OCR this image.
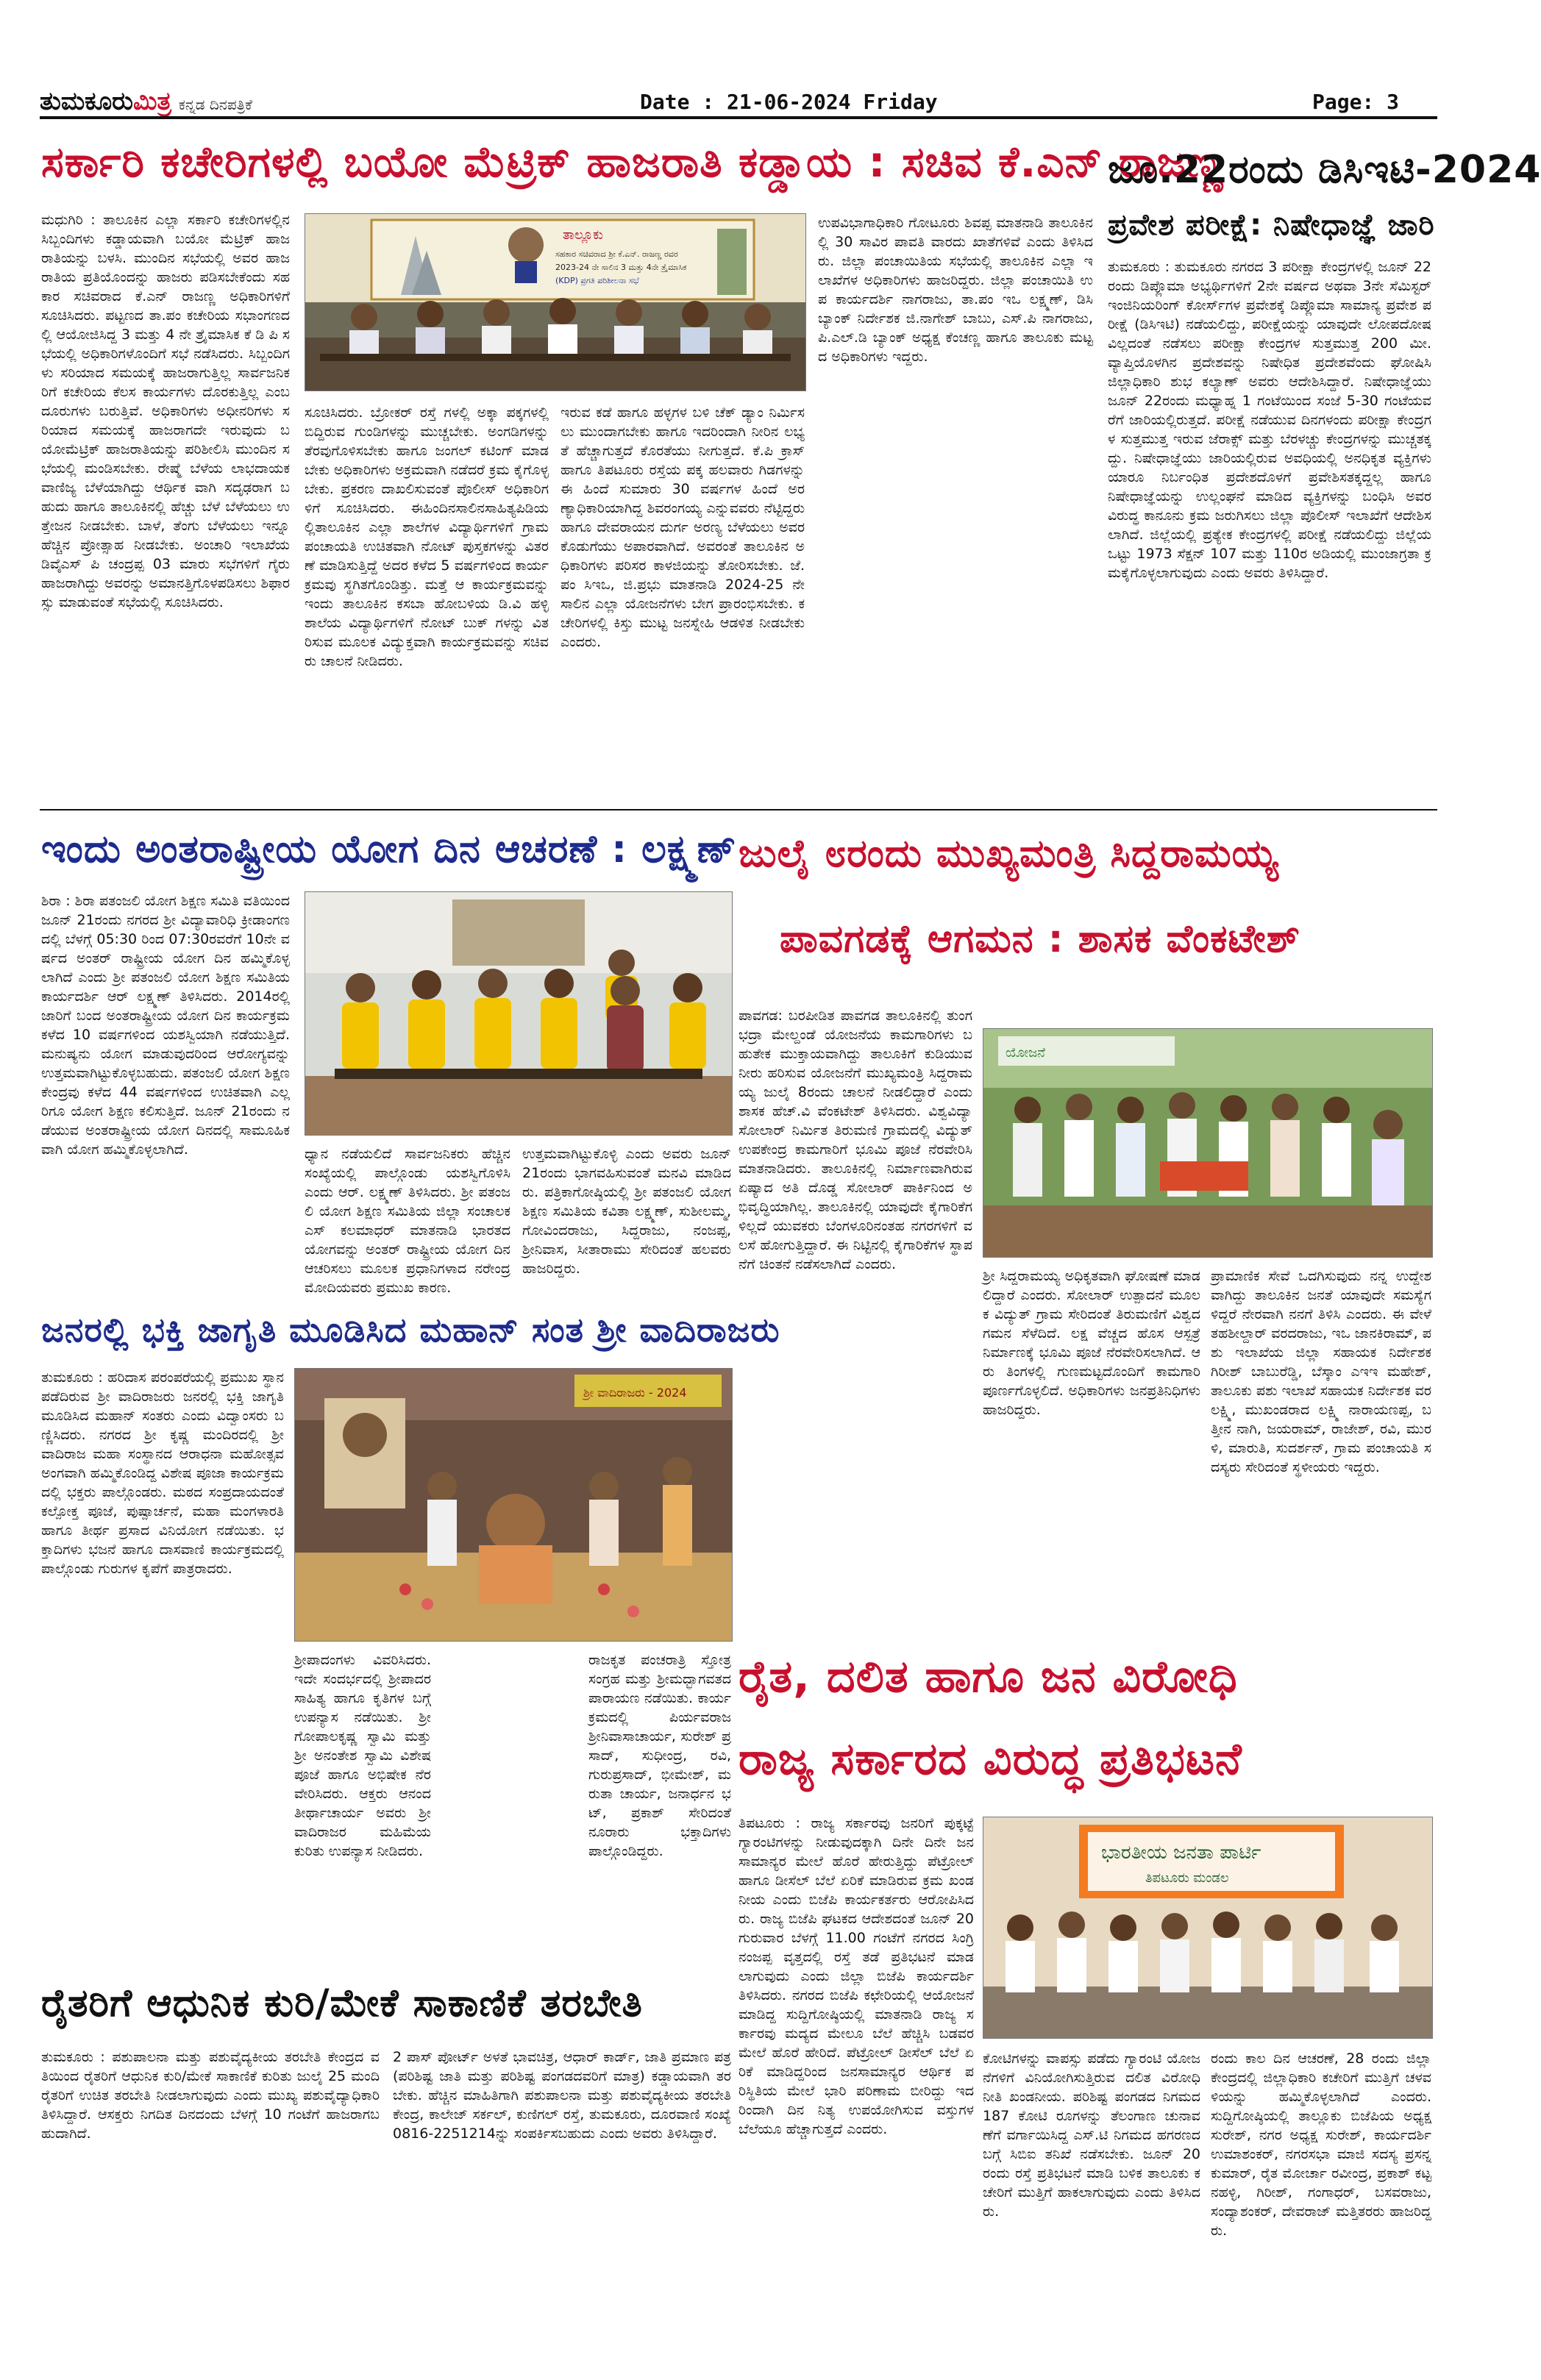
ತುಮಕೂರುಮಿತ್ರ ಕನ್ನಡ ದಿನಪತ್ರಿಕೆ	Date : 21-06-2024 Friday	Page: 3
ಸರ್ಕಾರಿ ಕಚೇರಿಗಳಲ್ಲಿ ಬಯೋ ಮೆಟ್ರಿಕ್ ಹಾಜರಾತಿ ಕಡ್ಡಾಯ : ಸಚಿವ ಕೆ.ಎನ್ ರಾಜಣ್ಣ
ಮಧುಗಿರಿ : ತಾಲೂಕಿನ ಎಲ್ಲಾ ಸರ್ಕಾರಿ ಕಚೇರಿಗಳಲ್ಲಿನ ಸಿಬ್ಬಂದಿಗಳು ಕಡ್ಡಾಯವಾಗಿ ಬಯೋ ಮೆಟ್ರಿಕ್ ಹಾಜರಾತಿಯನ್ನು ಬಳಸಿ. ಮುಂದಿನ ಸಭೆಯಲ್ಲಿ ಅವರ ಹಾಜರಾತಿಯ ಪ್ರತಿಯೊಂದನ್ನು ಹಾಜರು ಪಡಿಸಬೇಕೆಂದು ಸಹಕಾರ ಸಚಿವರಾದ ಕೆ.ಎನ್ ರಾಜಣ್ಣ ಅಧಿಕಾರಿಗಳಿಗೆ ಸೂಚಿಸಿದರು. ಪಟ್ಟಣದ ತಾ.ಪಂ ಕಚೇರಿಯ ಸಭಾಂಗಣದಲ್ಲಿ ಆಯೋಜಿಸಿದ್ದ 3 ಮತ್ತು 4 ನೇ ತ್ರೈಮಾಸಿಕ ಕೆ ಡಿ ಪಿ ಸಭೆಯಲ್ಲಿ ಅಧಿಕಾರಿಗಳೊಂದಿಗೆ ಸಭೆ ನಡೆಸಿದರು. ಸಿಬ್ಬಂದಿಗಳು ಸರಿಯಾದ ಸಮಯಕ್ಕೆ ಹಾಜರಾಗುತ್ತಿಲ್ಲ ಸಾರ್ವಜನಿಕರಿಗೆ ಕಚೇರಿಯ ಕೆಲಸ ಕಾರ್ಯಗಳು ದೊರಕುತ್ತಿಲ್ಲ ಎಂಬ ದೂರುಗಳು ಬರುತ್ತಿವೆ. ಅಧಿಕಾರಿಗಳು ಅಧೀನರಿಗಳು ಸರಿಯಾದ ಸಮಯಕ್ಕೆ ಹಾಜರಾಗದೇ ಇರುವುದು ಬಯೋಮೆಟ್ರಿಕ್ ಹಾಜರಾತಿಯನ್ನು ಪರಿಶೀಲಿಸಿ ಮುಂದಿನ ಸಭೆಯಲ್ಲಿ ಮಂಡಿಸಬೇಕು. ರೇಷ್ಮೆ ಬೆಳೆಯ ಲಾಭದಾಯಕ ವಾಣಿಜ್ಯ ಬೆಳೆಯಾಗಿದ್ದು ಆರ್ಥಿಕ ವಾಗಿ ಸದೃಢರಾಗ ಬಹುದು ಹಾಗೂ ತಾಲೂಕಿನಲ್ಲಿ ಹೆಚ್ಚು ಬೆಳೆ ಬೆಳೆಯಲು ಉತ್ತೇಜನ ನೀಡಬೇಕು. ಬಾಳೆ, ತೆಂಗು ಬೆಳೆಯಲು ಇನ್ನೂ ಹೆಚ್ಚಿನ ಪ್ರೋತ್ಸಾಹ ನೀಡಬೇಕು. ಅಂಚಾರಿ ಇಲಾಖೆಯ ಡಿವೈಎಸ್ ಪಿ ಚಂದ್ರಪ್ಪ 03 ಮಾರು ಸಭೆಗಳಿಗೆ ಗೈರು ಹಾಜರಾಗಿದ್ದು ಅವರನ್ನು ಅಮಾನತ್ತಿಗೊಳಪಡಿಸಲು ಶಿಫಾರಸ್ಸು ಮಾಡುವಂತೆ ಸಭೆಯಲ್ಲಿ ಸೂಚಿಸಿದರು.
ತಾಲ್ಲೂಕು
ಸಹಕಾರ ಸಚಿವರಾದ ಶ್ರೀ ಕೆ.ಎನ್. ರಾಜಣ್ಣ ರವರ
2023-24 ನೇ ಸಾಲಿನ 3 ಮತ್ತು 4ನೇ ತ್ರೈಮಾಸಿಕ
(KDP) ಪ್ರಗತಿ ಪರಿಶೀಲನಾ ಸಭೆ
ಸೂಚಿಸಿದರು. ಬ್ರೋಕರ್ ರಸ್ತೆ ಗಳಲ್ಲಿ ಅಕ್ಕಾ ಪಕ್ಕಗಳಲ್ಲಿ ಬಿದ್ದಿರುವ ಗುಂಡಿಗಳನ್ನು ಮುಚ್ಚಬೇಕು. ಅಂಗಡಿಗಳನ್ನು ತೆರವುಗೊಳಿಸಬೇಕು ಹಾಗೂ ಜಂಗಲ್ ಕಟಿಂಗ್ ಮಾಡಬೇಕು ಅಧಿಕಾರಿಗಳು ಅಕ್ರಮವಾಗಿ ನಡೆದರೆ ಕ್ರಮ ಕೈಗೊಳ್ಳಬೇಕು. ಪ್ರಕರಣ ದಾಖಲಿಸುವಂತೆ ಪೊಲೀಸ್ ಅಧಿಕಾರಿಗಳಿಗೆ ಸೂಚಿಸಿದರು. ಈಹಿಂದಿನಸಾಲಿನಸಾಹಿತ್ಯಪಿಡಿಯಲ್ಲಿತಾಲೂಕಿನ ಎಲ್ಲಾ ಶಾಲೆಗಳ ವಿದ್ಯಾರ್ಥಿಗಳಿಗೆ ಗ್ರಾಮ ಪಂಚಾಯತಿ ಉಚಿತವಾಗಿ ನೋಟ್ ಪುಸ್ತಕಗಳನ್ನು ವಿತರಣೆ ಮಾಡಿಸುತ್ತಿದ್ದೆ ಅದರ ಕಳೆದ 5 ವರ್ಷಗಳಿಂದ ಕಾರ್ಯಕ್ರಮವು ಸ್ಥಗಿತಗೊಂಡಿತ್ತು. ಮತ್ತೆ ಆ ಕಾರ್ಯಕ್ರಮವನ್ನು ಇಂದು ತಾಲೂಕಿನ ಕಸಬಾ ಹೋಬಳಿಯ ಡಿ.ವಿ ಹಳ್ಳಿ ಶಾಲೆಯ ವಿದ್ಯಾರ್ಥಿಗಳಿಗೆ ನೋಟ್ ಬುಕ್ ಗಳನ್ನು ವಿತರಿಸುವ ಮೂಲಕ ವಿದ್ಯುಕ್ತವಾಗಿ ಕಾರ್ಯಕ್ರಮವನ್ನು ಸಚಿವರು ಚಾಲನೆ ನೀಡಿದರು.
ಇರುವ ಕಡೆ ಹಾಗೂ ಹಳ್ಳಗಳ ಬಳಿ ಚೆಕ್ ಡ್ಯಾಂ ನಿರ್ಮಿಸಲು ಮುಂದಾಗಬೇಕು ಹಾಗೂ ಇದರಿಂದಾಗಿ ನೀರಿನ ಲಭ್ಯತೆ ಹೆಚ್ಚಾಗುತ್ತದೆ ಕೊರತೆಯು ನೀಗುತ್ತದೆ. ಕೆ.ಪಿ ಕ್ರಾಸ್ ಹಾಗೂ ತಿಪಟೂರು ರಸ್ತೆಯ ಪಕ್ಕ ಹಲವಾರು ಗಿಡಗಳನ್ನು ಈ ಹಿಂದೆ ಸುಮಾರು 30 ವರ್ಷಗಳ ಹಿಂದೆ ಅರಣ್ಯಾಧಿಕಾರಿಯಾಗಿದ್ದ ಶಿವರಂಗಯ್ಯ ಎನ್ನುವವರು ನೆಟ್ಟಿದ್ದರು ಹಾಗೂ ದೇವರಾಯನ ದುರ್ಗ ಅರಣ್ಯ ಬೆಳೆಯಲು ಅವರ ಕೊಡುಗೆಯು ಅಪಾರವಾಗಿದೆ. ಅವರಂತೆ ತಾಲೂಕಿನ ಅಧಿಕಾರಿಗಳು ಪರಿಸರ ಕಾಳಜಿಯನ್ನು ತೋರಿಸಬೇಕು. ಜೆ.ಪಂ ಸಿಇಒ, ಜಿ.ಪ್ರಭು ಮಾತನಾಡಿ 2024-25 ನೇ ಸಾಲಿನ ಎಲ್ಲಾ ಯೋಜನೆಗಳು ಬೇಗ ಪ್ರಾರಂಭಿಸಬೇಕು. ಕಚೇರಿಗಳಲ್ಲಿ ಕಿಸ್ತು ಮುಟ್ಟ ಜನಸ್ನೇಹಿ ಆಡಳಿತ ನೀಡಬೇಕು ಎಂದರು.
ಉಪವಿಭಾಗಾಧಿಕಾರಿ ಗೋಟೂರು ಶಿವಪ್ಪ ಮಾತನಾಡಿ ತಾಲೂಕಿನಲ್ಲಿ 30 ಸಾವಿರ ಪಾವತಿ ವಾರದು ಖಾತೆಗಳಿವೆ ಎಂದು ತಿಳಿಸಿದರು. ಜಿಲ್ಲಾ ಪಂಚಾಯಿತಿಯ ಸಭೆಯಲ್ಲಿ ತಾಲೂಕಿನ ಎಲ್ಲಾ ಇಲಾಖೆಗಳ ಅಧಿಕಾರಿಗಳು ಹಾಜರಿದ್ದರು. ಜಿಲ್ಲಾ ಪಂಚಾಯಿತಿ ಉಪ ಕಾರ್ಯದರ್ಶಿ ನಾಗರಾಜು, ತಾ.ಪಂ ಇಒ ಲಕ್ಷ್ಮಣ್, ಡಿಸಿ ಬ್ಯಾಂಕ್ ನಿರ್ದೇಶಕ ಜಿ.ನಾಗೇಶ್ ಬಾಬು, ಎಸ್.ಪಿ ನಾಗರಾಜು, ಪಿ.ಎಲ್.ಡಿ ಬ್ಯಾಂಕ್ ಅಧ್ಯಕ್ಷ ಕೆಂಚಣ್ಣ ಹಾಗೂ ತಾಲೂಕು ಮಟ್ಟದ ಅಧಿಕಾರಿಗಳು ಇದ್ದರು.
ಜೂ.22ರಂದು ಡಿಸಿಇಟಿ-2024
ಪ್ರವೇಶ ಪರೀಕ್ಷೆ: ನಿಷೇಧಾಜ್ಞೆ ಜಾರಿ
ತುಮಕೂರು : ತುಮಕೂರು ನಗರದ 3 ಪರೀಕ್ಷಾ ಕೇಂದ್ರಗಳಲ್ಲಿ ಜೂನ್ 22ರಂದು ಡಿಪ್ಲೊಮಾ ಅಭ್ಯರ್ಥಿಗಳಿಗೆ 2ನೇ ವರ್ಷದ ಅಥವಾ 3ನೇ ಸೆಮಿಸ್ಟರ್ ಇಂಜಿನಿಯರಿಂಗ್ ಕೋರ್ಸ್‌ಗಳ ಪ್ರವೇಶಕ್ಕೆ ಡಿಪ್ಲೊಮಾ ಸಾಮಾನ್ಯ ಪ್ರವೇಶ ಪರೀಕ್ಷೆ (ಡಿಸಿಇಟಿ) ನಡೆಯಲಿದ್ದು, ಪರೀಕ್ಷೆಯನ್ನು ಯಾವುದೇ ಲೋಪದೋಷವಿಲ್ಲದಂತೆ ನಡೆಸಲು ಪರೀಕ್ಷಾ ಕೇಂದ್ರಗಳ ಸುತ್ತಮುತ್ತ 200 ಮೀ. ವ್ಯಾಪ್ತಿಯೊಳಗಿನ ಪ್ರದೇಶವನ್ನು ನಿಷೇಧಿತ ಪ್ರದೇಶವೆಂದು ಘೋಷಿಸಿ ಜಿಲ್ಲಾಧಿಕಾರಿ ಶುಭ ಕಲ್ಯಾಣ್ ಅವರು ಆದೇಶಿಸಿದ್ದಾರೆ. ನಿಷೇಧಾಜ್ಞೆಯು ಜೂನ್ 22ರಂದು ಮಧ್ಯಾಹ್ನ 1 ಗಂಟೆಯಿಂದ ಸಂಜೆ 5-30 ಗಂಟೆಯವರೆಗೆ ಜಾರಿಯಲ್ಲಿರುತ್ತದೆ. ಪರೀಕ್ಷೆ ನಡೆಯುವ ದಿನಗಳಂದು ಪರೀಕ್ಷಾ ಕೇಂದ್ರಗಳ ಸುತ್ತಮುತ್ತ ಇರುವ ಜೆರಾಕ್ಸ್ ಮತ್ತು ಬೆರಳಚ್ಚು ಕೇಂದ್ರಗಳನ್ನು ಮುಚ್ಚತಕ್ಕದ್ದು. ನಿಷೇಧಾಜ್ಞೆಯು ಜಾರಿಯಲ್ಲಿರುವ ಅವಧಿಯಲ್ಲಿ ಅನಧಿಕೃತ ವ್ಯಕ್ತಿಗಳು ಯಾರೂ ನಿರ್ಬಂಧಿತ ಪ್ರದೇಶದೊಳಗೆ ಪ್ರವೇಶಿಸತಕ್ಕದ್ದಲ್ಲ ಹಾಗೂ ನಿಷೇಧಾಜ್ಞೆಯನ್ನು ಉಲ್ಲಂಘನೆ ಮಾಡಿದ ವ್ಯಕ್ತಿಗಳನ್ನು ಬಂಧಿಸಿ ಅವರ ವಿರುದ್ಧ ಕಾನೂನು ಕ್ರಮ ಜರುಗಿಸಲು ಜಿಲ್ಲಾ ಪೊಲೀಸ್ ಇಲಾಖೆಗೆ ಆದೇಶಿಸಲಾಗಿದೆ. ಜಿಲ್ಲೆಯಲ್ಲಿ ಪ್ರತ್ಯೇಕ ಕೇಂದ್ರಗಳಲ್ಲಿ ಪರೀಕ್ಷೆ ನಡೆಯಲಿದ್ದು ಜಿಲ್ಲೆಯ ಒಟ್ಟು 1973 ಸೆಕ್ಷನ್ 107 ಮತ್ತು 110ರ ಅಡಿಯಲ್ಲಿ ಮುಂಜಾಗ್ರತಾ ಕ್ರಮಕೈಗೊಳ್ಳಲಾಗುವುದು ಎಂದು ಅವರು ತಿಳಿಸಿದ್ದಾರೆ.
ಇಂದು ಅಂತರಾಷ್ಟ್ರೀಯ ಯೋಗ ದಿನ ಆಚರಣೆ : ಲಕ್ಷ್ಮಣ್
ಶಿರಾ : ಶಿರಾ ಪತಂಜಲಿ ಯೋಗ ಶಿಕ್ಷಣ ಸಮಿತಿ ವತಿಯಿಂದ ಜೂನ್ 21ರಂದು ನಗರದ ಶ್ರೀ ವಿದ್ಯಾವಾರಿಧಿ ಕ್ರೀಡಾಂಗಣದಲ್ಲಿ ಬೆಳಗ್ಗೆ 05:30 ರಿಂದ 07:30ರವರೆಗೆ 10ನೇ ವರ್ಷದ ಅಂತರ್ ರಾಷ್ಟ್ರೀಯ ಯೋಗ ದಿನ ಹಮ್ಮಿಕೊಳ್ಳಲಾಗಿದೆ ಎಂದು ಶ್ರೀ ಪತಂಜಲಿ ಯೋಗ ಶಿಕ್ಷಣ ಸಮಿತಿಯ ಕಾರ್ಯದರ್ಶಿ ಆರ್ ಲಕ್ಷ್ಮಣ್ ತಿಳಿಸಿದರು. 2014ರಲ್ಲಿ ಜಾರಿಗೆ ಬಂದ ಅಂತರಾಷ್ಟ್ರೀಯ ಯೋಗ ದಿನ ಕಾರ್ಯಕ್ರಮ ಕಳೆದ 10 ವರ್ಷಗಳಿಂದ ಯಶಸ್ವಿಯಾಗಿ ನಡೆಯುತ್ತಿದೆ. ಮನುಷ್ಯನು ಯೋಗ ಮಾಡುವುದರಿಂದ ಆರೋಗ್ಯವನ್ನು ಉತ್ತಮವಾಗಿಟ್ಟುಕೊಳ್ಳಬಹುದು. ಪತಂಜಲಿ ಯೋಗ ಶಿಕ್ಷಣ ಕೇಂದ್ರವು ಕಳೆದ 44 ವರ್ಷಗಳಿಂದ ಉಚಿತವಾಗಿ ಎಲ್ಲರಿಗೂ ಯೋಗ ಶಿಕ್ಷಣ ಕಲಿಸುತ್ತಿದೆ. ಜೂನ್ 21ರಂದು ನಡೆಯುವ ಅಂತರಾಷ್ಟ್ರೀಯ ಯೋಗ ದಿನದಲ್ಲಿ ಸಾಮೂಹಿಕವಾಗಿ ಯೋಗ ಹಮ್ಮಿಕೊಳ್ಳಲಾಗಿದೆ.	ಧ್ಯಾನ ನಡೆಯಲಿದೆ ಸಾರ್ವಜನಿಕರು ಹೆಚ್ಚಿನ ಸಂಖ್ಯೆಯಲ್ಲಿ ಪಾಲ್ಗೊಂಡು ಯಶಸ್ವಿಗೊಳಿಸಿ ಎಂದು ಆರ್. ಲಕ್ಷ್ಮಣ್ ತಿಳಿಸಿದರು. ಶ್ರೀ ಪತಂಜಲಿ ಯೋಗ ಶಿಕ್ಷಣ ಸಮಿತಿಯ ಜಿಲ್ಲಾ ಸಂಚಾಲಕ ಎಸ್ ಕಲಮಾಧರ್ ಮಾತನಾಡಿ ಭಾರತದ ಯೋಗವನ್ನು ಅಂತರ್ ರಾಷ್ಟ್ರೀಯ ಯೋಗ ದಿನ ಆಚರಿಸಲು ಮೂಲಕ ಪ್ರಧಾನಿಗಳಾದ ನರೇಂದ್ರ ಮೋದಿಯವರು ಪ್ರಮುಖ ಕಾರಣ.
ಉತ್ತಮವಾಗಿಟ್ಟುಕೊಳ್ಳಿ ಎಂದು ಅವರು ಜೂನ್ 21ರಂದು ಭಾಗವಹಿಸುವಂತೆ ಮನವಿ ಮಾಡಿದರು. ಪತ್ರಿಕಾಗೋಷ್ಠಿಯಲ್ಲಿ ಶ್ರೀ ಪತಂಜಲಿ ಯೋಗ ಶಿಕ್ಷಣ ಸಮಿತಿಯ ಕವಿತಾ ಲಕ್ಷ್ಮಣ್, ಸುಶೀಲಮ್ಮ, ಗೋವಿಂದರಾಜು, ಸಿದ್ದರಾಜು, ನಂಜಪ್ಪ, ಶ್ರೀನಿವಾಸ, ಸೀತಾರಾಮು ಸೇರಿದಂತೆ ಹಲವರು ಹಾಜರಿದ್ದರು.
ಜುಲೈ ೮ರಂದು ಮುಖ್ಯಮಂತ್ರಿ ಸಿದ್ದರಾಮಯ್ಯ
ಪಾವಗಡಕ್ಕೆ ಆಗಮನ : ಶಾಸಕ ವೆಂಕಟೇಶ್
ಪಾವಗಡ: ಬರಪೀಡಿತ ಪಾವಗಡ ತಾಲೂಕಿನಲ್ಲಿ ತುಂಗಭದ್ರಾ ಮೇಲ್ದಂಡೆ ಯೋಜನೆಯ ಕಾಮಗಾರಿಗಳು ಬಹುತೇಕ ಮುಕ್ತಾಯವಾಗಿದ್ದು ತಾಲೂಕಿಗೆ ಕುಡಿಯುವ ನೀರು ಹರಿಸುವ ಯೋಜನೆಗೆ ಮುಖ್ಯಮಂತ್ರಿ ಸಿದ್ದರಾಮಯ್ಯ ಜುಲೈ 8ರಂದು ಚಾಲನೆ ನೀಡಲಿದ್ದಾರೆ ಎಂದು ಶಾಸಕ ಹೆಚ್.ವಿ ವೆಂಕಟೇಶ್ ತಿಳಿಸಿದರು. ವಿಶ್ವವಿದ್ಯಾ ಸೋಲಾರ್ ನಿರ್ಮಿತ ತಿರುಮಣಿ ಗ್ರಾಮದಲ್ಲಿ ವಿದ್ಯುತ್ ಉಪಕೇಂದ್ರ ಕಾಮಗಾರಿಗೆ ಭೂಮಿ ಪೂಜೆ ನೆರವೇರಿಸಿ ಮಾತನಾಡಿದರು. ತಾಲೂಕಿನಲ್ಲಿ ನಿರ್ಮಾಣವಾಗಿರುವ ಏಷ್ಯಾದ ಅತಿ ದೊಡ್ಡ ಸೋಲಾರ್ ಪಾರ್ಕಿನಿಂದ ಅಭಿವೃದ್ಧಿಯಾಗಿಲ್ಲ. ತಾಲೂಕಿನಲ್ಲಿ ಯಾವುದೇ ಕೈಗಾರಿಕೆಗಳಿಲ್ಲದೆ ಯುವಕರು ಬೆಂಗಳೂರಿನಂತಹ ನಗರಗಳಿಗೆ ವಲಸೆ ಹೋಗುತ್ತಿದ್ದಾರೆ. ಈ ನಿಟ್ಟಿನಲ್ಲಿ ಕೈಗಾರಿಕೆಗಳ ಸ್ಥಾಪನೆಗೆ ಚಿಂತನೆ ನಡೆಸಲಾಗಿದೆ ಎಂದರು.
ಯೋಜನೆ
ಶ್ರೀ ಸಿದ್ದರಾಮಯ್ಯ ಅಧಿಕೃತವಾಗಿ ಘೋಷಣೆ ಮಾಡಲಿದ್ದಾರೆ ಎಂದರು. ಸೋಲಾರ್ ಉತ್ಪಾದನೆ ಮೂಲಕ ವಿದ್ಯುತ್ ಗ್ರಾಮ ಸೇರಿದಂತೆ ತಿರುಮಣಿಗೆ ವಿಶ್ವದ ಗಮನ ಸೆಳೆದಿದೆ. ಲಕ್ಷ ವೆಚ್ಚದ ಹೊಸ ಆಸ್ಪತ್ರೆ ನಿರ್ಮಾಣಕ್ಕೆ ಭೂಮಿ ಪೂಜೆ ನೆರವೇರಿಸಲಾಗಿದೆ. ಆರು ತಿಂಗಳಲ್ಲಿ ಗುಣಮಟ್ಟದೊಂದಿಗೆ ಕಾಮಗಾರಿ ಪೂರ್ಣಗೊಳ್ಳಲಿದೆ. ಅಧಿಕಾರಿಗಳು ಜನಪ್ರತಿನಿಧಿಗಳು ಹಾಜರಿದ್ದರು.
ಪ್ರಾಮಾಣಿಕ ಸೇವೆ ಒದಗಿಸುವುದು ನನ್ನ ಉದ್ದೇಶವಾಗಿದ್ದು ತಾಲೂಕಿನ ಜನತೆ ಯಾವುದೇ ಸಮಸ್ಯೆಗಳಿದ್ದರೆ ನೇರವಾಗಿ ನನಗೆ ತಿಳಿಸಿ ಎಂದರು. ಈ ವೇಳೆ ತಹಶೀಲ್ದಾರ್ ವರದರಾಜು, ಇಒ ಜಾನಕಿರಾಮ್, ಪಶು ಇಲಾಖೆಯ ಜಿಲ್ಲಾ ಸಹಾಯಕ ನಿರ್ದೇಶಕ ಗಿರೀಶ್ ಬಾಬುರೆಡ್ಡಿ, ಬೆಸ್ಕಾಂ ಎಇಇ ಮಹೇಶ್, ತಾಲೂಕು ಪಶು ಇಲಾಖೆ ಸಹಾಯಕ ನಿರ್ದೇಶಕ ವರಲಕ್ಷ್ಮಿ, ಮುಖಂಡರಾದ ಲಕ್ಷ್ಮಿ ನಾರಾಯಣಪ್ಪ, ಬತ್ತೀನ ನಾಗಿ, ಜಯರಾಮ್, ರಾಜೇಶ್, ರವಿ, ಮುರಳಿ, ಮಾರುತಿ, ಸುದರ್ಶನ್, ಗ್ರಾಮ ಪಂಚಾಯತಿ ಸದಸ್ಯರು ಸೇರಿದಂತೆ ಸ್ಥಳೀಯರು ಇದ್ದರು.
ಜನರಲ್ಲಿ ಭಕ್ತಿ ಜಾಗೃತಿ ಮೂಡಿಸಿದ ಮಹಾನ್ ಸಂತ ಶ್ರೀ ವಾದಿರಾಜರು
ತುಮಕೂರು : ಹರಿದಾಸ ಪರಂಪರೆಯಲ್ಲಿ ಪ್ರಮುಖ ಸ್ಥಾನ ಪಡೆದಿರುವ ಶ್ರೀ ವಾದಿರಾಜರು ಜನರಲ್ಲಿ ಭಕ್ತಿ ಜಾಗೃತಿ ಮೂಡಿಸಿದ ಮಹಾನ್ ಸಂತರು ಎಂದು ವಿದ್ವಾಂಸರು ಬಣ್ಣಿಸಿದರು. ನಗರದ ಶ್ರೀ ಕೃಷ್ಣ ಮಂದಿರದಲ್ಲಿ ಶ್ರೀ ವಾದಿರಾಜ ಮಹಾ ಸಂಸ್ಥಾನದ ಆರಾಧನಾ ಮಹೋತ್ಸವ ಅಂಗವಾಗಿ ಹಮ್ಮಿಕೊಂಡಿದ್ದ ವಿಶೇಷ ಪೂಜಾ ಕಾರ್ಯಕ್ರಮದಲ್ಲಿ ಭಕ್ತರು ಪಾಲ್ಗೊಂಡರು. ಮಠದ ಸಂಪ್ರದಾಯದಂತೆ ಕಲ್ಪೋಕ್ತ ಪೂಜೆ, ಪುಷ್ಪಾರ್ಚನೆ, ಮಹಾ ಮಂಗಳಾರತಿ ಹಾಗೂ ತೀರ್ಥ ಪ್ರಸಾದ ವಿನಿಯೋಗ ನಡೆಯಿತು. ಭಕ್ತಾದಿಗಳು ಭಜನೆ ಹಾಗೂ ದಾಸವಾಣಿ ಕಾರ್ಯಕ್ರಮದಲ್ಲಿ ಪಾಲ್ಗೊಂಡು ಗುರುಗಳ ಕೃಪೆಗೆ ಪಾತ್ರರಾದರು.
ಶ್ರೀ ವಾದಿರಾಜರು - 2024
ಶ್ರೀಪಾದಂಗಳು ವಿವರಿಸಿದರು. ಇದೇ ಸಂದರ್ಭದಲ್ಲಿ ಶ್ರೀಪಾದರ ಸಾಹಿತ್ಯ ಹಾಗೂ ಕೃತಿಗಳ ಬಗ್ಗೆ ಉಪನ್ಯಾಸ ನಡೆಯಿತು. ಶ್ರೀ ಗೋಪಾಲಕೃಷ್ಣ ಸ್ವಾಮಿ ಮತ್ತು ಶ್ರೀ ಅನಂತೇಶ ಸ್ವಾಮಿ ವಿಶೇಷ ಪೂಜೆ ಹಾಗೂ ಅಭಿಷೇಕ ನೆರವೇರಿಸಿದರು. ಆಕ್ತರು ಆನಂದತೀರ್ಥಾಚಾರ್ಯ ಅವರು ಶ್ರೀ ವಾದಿರಾಜರ ಮಹಿಮೆಯ ಕುರಿತು ಉಪನ್ಯಾಸ ನೀಡಿದರು.
ರಾಜಕೃತ ಪಂಚರಾತ್ರಿ ಸ್ತೋತ್ರ ಸಂಗ್ರಹ ಮತ್ತು ಶ್ರೀಮದ್ಭಾಗವತದ ಪಾರಾಯಣ ನಡೆಯಿತು. ಕಾರ್ಯಕ್ರಮದಲ್ಲಿ ಪಿರ್ಯವರಾಜ ಶ್ರೀನಿವಾಸಾಚಾರ್ಯ, ಸುರೇಶ್ ಪ್ರಸಾದ್, ಸುಧೀಂದ್ರ, ರವಿ, ಗುರುಪ್ರಸಾದ್, ಭೀಮೇಶ್, ಮರುತಾ ಚಾರ್ಯ, ಜನಾರ್ಧನ ಭಟ್, ಪ್ರಕಾಶ್ ಸೇರಿದಂತೆ ನೂರಾರು ಭಕ್ತಾದಿಗಳು ಪಾಲ್ಗೊಂಡಿದ್ದರು.
ರೈತ, ದಲಿತ ಹಾಗೂ ಜನ ವಿರೋಧಿ
ರಾಜ್ಯ ಸರ್ಕಾರದ ವಿರುದ್ಧ ಪ್ರತಿಭಟನೆ
ತಿಪಟೂರು : ರಾಜ್ಯ ಸರ್ಕಾರವು ಜನರಿಗೆ ಪುಕ್ಕಟ್ಟೆ ಗ್ಯಾರಂಟಿಗಳನ್ನು ನೀಡುವುದಕ್ಕಾಗಿ ದಿನೇ ದಿನೇ ಜನಸಾಮಾನ್ಯರ ಮೇಲೆ ಹೊರೆ ಹೇರುತ್ತಿದ್ದು ಪೆಟ್ರೋಲ್ ಹಾಗೂ ಡೀಸೆಲ್ ಬೆಲೆ ಏರಿಕೆ ಮಾಡಿರುವ ಕ್ರಮ ಖಂಡನೀಯ ಎಂದು ಬಿಜೆಪಿ ಕಾರ್ಯಕರ್ತರು ಆರೋಪಿಸಿದರು. ರಾಜ್ಯ ಬಿಜೆಪಿ ಘಟಕದ ಆದೇಶದಂತೆ ಜೂನ್ 20 ಗುರುವಾರ ಬೆಳಗ್ಗೆ 11.00 ಗಂಟೆಗೆ ನಗರದ ಸಿಂಗ್ರಿ ನಂಜಪ್ಪ ವೃತ್ತದಲ್ಲಿ ರಸ್ತೆ ತಡೆ ಪ್ರತಿಭಟನೆ ಮಾಡಲಾಗುವುದು ಎಂದು ಜಿಲ್ಲಾ ಬಿಜೆಪಿ ಕಾರ್ಯದರ್ಶಿ ತಿಳಿಸಿದರು. ನಗರದ ಬಿಜೆಪಿ ಕಛೇರಿಯಲ್ಲಿ ಆಯೋಜನೆ ಮಾಡಿದ್ದ ಸುದ್ದಿಗೋಷ್ಠಿಯಲ್ಲಿ ಮಾತನಾಡಿ ರಾಜ್ಯ ಸರ್ಕಾರವು ಮದ್ಯದ ಮೇಲೂ ಬೆಲೆ ಹೆಚ್ಚಿಸಿ ಬಡವರ ಮೇಲೆ ಹೊರೆ ಹೇರಿದೆ. ಪೆಟ್ರೋಲ್ ಡೀಸೆಲ್ ಬೆಲೆ ಏರಿಕೆ ಮಾಡಿದ್ದರಿಂದ ಜನಸಾಮಾನ್ಯರ ಆರ್ಥಿಕ ಪರಿಸ್ಥಿತಿಯ ಮೇಲೆ ಭಾರಿ ಪರಿಣಾಮ ಬೀರಿದ್ದು ಇದರಿಂದಾಗಿ ದಿನ ನಿತ್ಯ ಉಪಯೋಗಿಸುವ ವಸ್ತುಗಳ ಬೆಲೆಯೂ ಹೆಚ್ಚಾಗುತ್ತದೆ ಎಂದರು.
ಭಾರತೀಯ ಜನತಾ ಪಾರ್ಟಿ
ತಿಪಟೂರು ಮಂಡಲ
ಕೋಟಿಗಳನ್ನು ವಾಪಸ್ಸು ಪಡೆದು ಗ್ಯಾರಂಟಿ ಯೋಜನೆಗಳಿಗೆ ವಿನಿಯೋಗಿಸುತ್ತಿರುವ ದಲಿತ ವಿರೋಧಿ ನೀತಿ ಖಂಡನೀಯ. ಪರಿಶಿಷ್ಟ ಪಂಗಡದ ನಿಗಮದ 187 ಕೋಟಿ ರೂಗಳನ್ನು ತೆಲಂಗಾಣ ಚುನಾವಣೆಗೆ ವರ್ಗಾಯಿಸಿದ್ದ ಎಸ್.ಟಿ ನಿಗಮದ ಹಗರಣದ ಬಗ್ಗೆ ಸಿಬಿಐ ತನಿಖೆ ನಡೆಸಬೇಕು. ಜೂನ್ 20 ರಂದು ರಸ್ತೆ ಪ್ರತಿಭಟನೆ ಮಾಡಿ ಬಳಿಕ ತಾಲೂಕು ಕಚೇರಿಗೆ ಮುತ್ತಿಗೆ ಹಾಕಲಾಗುವುದು ಎಂದು ತಿಳಿಸಿದರು.
ರಂದು ಕಾಲ ದಿನ ಆಚರಣೆ, 28 ರಂದು ಜಿಲ್ಲಾ ಕೇಂದ್ರದಲ್ಲಿ ಜಿಲ್ಲಾಧಿಕಾರಿ ಕಚೇರಿಗೆ ಮುತ್ತಿಗೆ ಚಳವಳಿಯನ್ನು ಹಮ್ಮಿಕೊಳ್ಳಲಾಗಿದೆ ಎಂದರು. ಸುದ್ದಿಗೋಷ್ಠಿಯಲ್ಲಿ ತಾಲ್ಲೂಕು ಬಿಜೆಪಿಯ ಅಧ್ಯಕ್ಷ ಸುರೇಶ್, ನಗರ ಅಧ್ಯಕ್ಷ ಸುರೇಶ್, ಕಾರ್ಯದರ್ಶಿ ಉಮಾಶಂಕರ್, ನಗರಸಭಾ ಮಾಜಿ ಸದಸ್ಯ ಪ್ರಸನ್ನಕುಮಾರ್, ರೈತ ಮೋರ್ಚಾ ರವೀಂದ್ರ, ಪ್ರಕಾಶ್ ಕಟ್ಟನಹಳ್ಳಿ, ಗಿರೀಶ್, ಗಂಗಾಧರ್, ಬಸವರಾಜು, ಸಂದ್ಯಾಶಂಕರ್, ದೇವರಾಜ್ ಮತ್ತಿತರರು ಹಾಜರಿದ್ದರು.
ರೈತರಿಗೆ ಆಧುನಿಕ ಕುರಿ/ಮೇಕೆ ಸಾಕಾಣಿಕೆ ತರಬೇತಿ
ತುಮಕೂರು : ಪಶುಪಾಲನಾ ಮತ್ತು ಪಶುವೈದ್ಯಕೀಯ ತರಬೇತಿ ಕೇಂದ್ರದ ವತಿಯಿಂದ ರೈತರಿಗೆ ಆಧುನಿಕ ಕುರಿ/ಮೇಕೆ ಸಾಕಾಣಿಕೆ ಕುರಿತು ಜುಲೈ 25 ಮಂದಿ ರೈತರಿಗೆ ಉಚಿತ ತರಬೇತಿ ನೀಡಲಾಗುವುದು ಎಂದು ಮುಖ್ಯ ಪಶುವೈದ್ಯಾಧಿಕಾರಿ ತಿಳಿಸಿದ್ದಾರೆ. ಆಸಕ್ತರು ನಿಗದಿತ ದಿನದಂದು ಬೆಳಗ್ಗೆ 10 ಗಂಟೆಗೆ ಹಾಜರಾಗಬಹುದಾಗಿದೆ.
2 ಪಾಸ್ ಪೋರ್ಟ್ ಅಳತೆ ಭಾವಚಿತ್ರ, ಆಧಾರ್ ಕಾರ್ಡ್, ಜಾತಿ ಪ್ರಮಾಣ ಪತ್ರ (ಪರಿಶಿಷ್ಟ ಜಾತಿ ಮತ್ತು ಪರಿಶಿಷ್ಟ ಪಂಗಡದವರಿಗೆ ಮಾತ್ರ) ಕಡ್ಡಾಯವಾಗಿ ತರಬೇಕು. ಹೆಚ್ಚಿನ ಮಾಹಿತಿಗಾಗಿ ಪಶುಪಾಲನಾ ಮತ್ತು ಪಶುವೈದ್ಯಕೀಯ ತರಬೇತಿ ಕೇಂದ್ರ, ಕಾಲೇಜ್ ಸರ್ಕಲ್, ಕುಣಿಗಲ್ ರಸ್ತೆ, ತುಮಕೂರು, ದೂರವಾಣಿ ಸಂಖ್ಯೆ 0816-2251214ನ್ನು ಸಂಪರ್ಕಿಸಬಹುದು ಎಂದು ಅವರು ತಿಳಿಸಿದ್ದಾರೆ.
